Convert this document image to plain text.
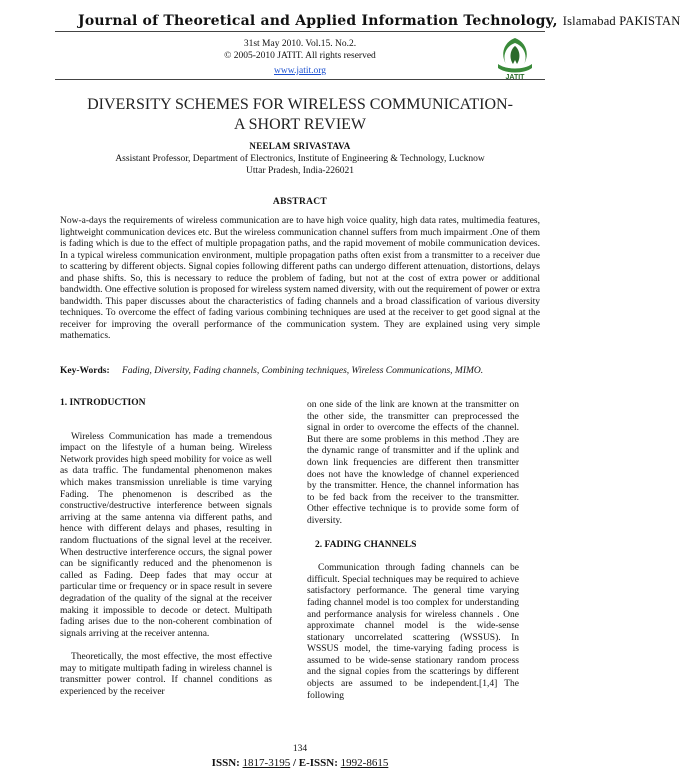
Journal of Theoretical and Applied Information Technology, Islamabad PAKISTAN
31st May 2010. Vol.15. No.2.
© 2005-2010 JATIT. All rights reserved
www.jatit.org
JATIT
DIVERSITY SCHEMES FOR WIRELESS COMMUNICATION-
A SHORT REVIEW
NEELAM SRIVASTAVA
Assistant Professor, Department of Electronics, Institute of Engineering & Technology, Lucknow
Uttar Pradesh, India-226021
ABSTRACT
Now-a-days the requirements of wireless communication are to have high voice quality, high data rates, multimedia features, lightweight communication devices etc. But the wireless communication channel suffers from much impairment .One of them is fading which is due to the effect of multiple propagation paths, and the rapid movement of mobile communication devices. In a typical wireless communication environment, multiple propagation paths often exist from a transmitter to a receiver due to scattering by different objects. Signal copies following different paths can undergo different attenuation, distortions, delays and phase shifts. So, this is necessary to reduce the problem of fading, but not at the cost of extra power or additional bandwidth. One effective solution is proposed for wireless system named diversity, with out the requirement of power or extra bandwidth. This paper discusses about the characteristics of fading channels and a broad classification of various diversity techniques. To overcome the effect of fading various combining techniques are used at the receiver to get good signal at the receiver for improving the overall performance of the communication system. They are explained using very simple mathematics.
Key-Words:	Fading, Diversity, Fading channels, Combining techniques, Wireless Communications, MIMO.

1. INTRODUCTION

Wireless Communication has made a tremendous impact on the lifestyle of a human being. Wireless Network provides high speed mobility for voice as well as data traffic. The fundamental phenomenon makes which makes transmission unreliable is time varying Fading. The phenomenon is described as the constructive/destructive interference between signals arriving at the same antenna via different paths, and hence with different delays and phases, resulting in random fluctuations of the signal level at the receiver. When destructive interference occurs, the signal power can be significantly reduced and the phenomenon is called as Fading. Deep fades that may occur at particular time or frequency or in space result in severe degradation of the quality of the signal at the receiver making it impossible to decode or detect. Multipath fading arises due to the non-coherent combination of signals arriving at the receiver antenna.

Theoretically, the most effective, the most effective may to mitigate multipath fading in wireless channel is transmitter power control. If channel conditions as experienced by the receiver

on one side of the link are known at the transmitter on the other side, the transmitter can preprocessed the signal in order to overcome the effects of the channel. But there are some problems in this method .They are the dynamic range of transmitter and if the uplink and down link frequencies are different then transmitter does not have the knowledge of channel experienced by the transmitter. Hence, the channel information has to be fed back from the receiver to the transmitter. Other effective technique is to provide some form of diversity.

2. FADING CHANNELS

Communication through fading channels can be difficult. Special techniques may be required to achieve satisfactory performance. The general time varying fading channel model is too complex for understanding and performance analysis for wireless channels . One approximate channel model is the wide-sense stationary uncorrelated scattering (WSSUS). In WSSUS model, the time-varying fading process is assumed to be wide-sense stationary random process and the signal copies from the scatterings by different objects are assumed to be independent.[1,4] The following

134
ISSN: 1817-3195 / E-ISSN: 1992-8615
